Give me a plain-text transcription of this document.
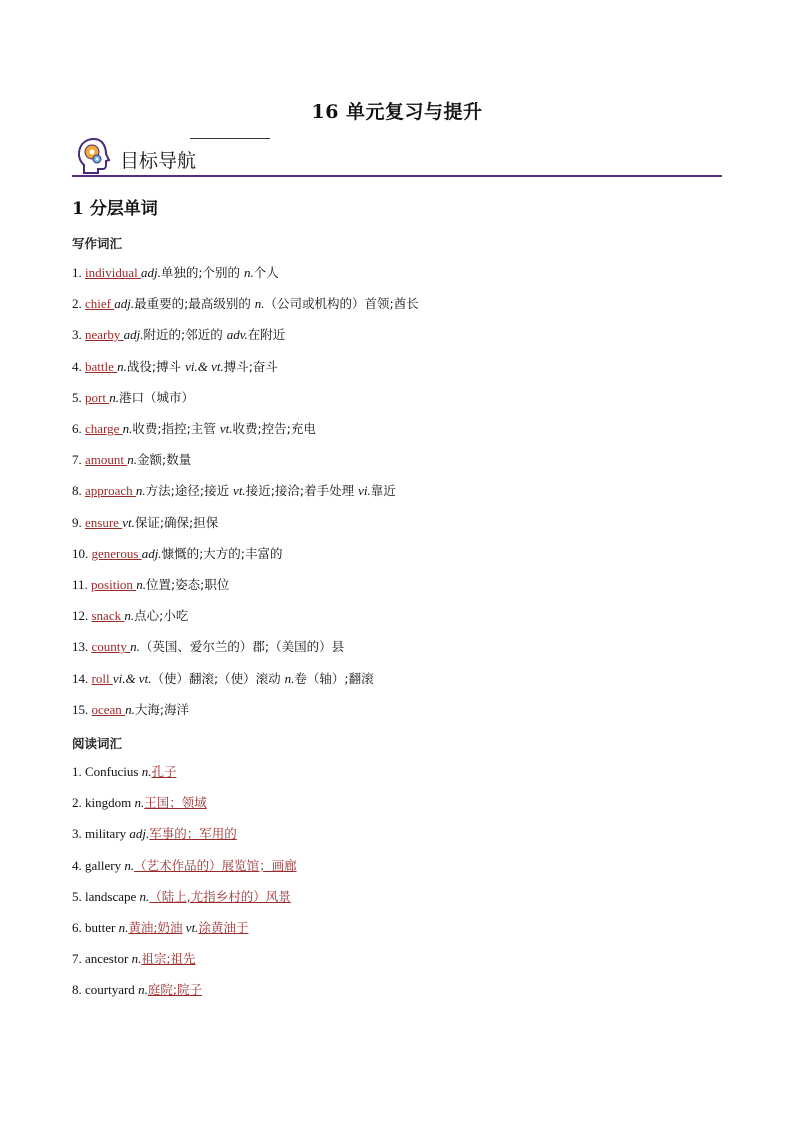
16 单元复习与提升
目标导航
1 分层单词
写作词汇
1. individual adj.单独的;个别的 n.个人
2. chief adj.最重要的;最高级别的 n.（公司或机构的）首领;酋长
3. nearby adj.附近的;邻近的 adv.在附近
4. battle n.战役;搏斗 vi.& vt.搏斗;奋斗
5. port n.港口（城市）
6. charge n.收费;指控;主管 vt.收费;控告;充电
7. amount n.金额;数量
8. approach n.方法;途径;接近 vt.接近;接洽;着手处理 vi.靠近
9. ensure vt.保证;确保;担保
10. generous adj.慷慨的;大方的;丰富的
11. position n.位置;姿态;职位
12. snack n.点心;小吃
13. county n.（英国、爱尔兰的）郡;（美国的）县
14. roll vi.& vt.（使）翻滚;（使）滚动 n.卷（轴）;翻滚
15. ocean n.大海;海洋
阅读词汇
1. Confucius n.孔子
2. kingdom n.王国；领域
3. military adj.军事的；军用的
4. gallery n.（艺术作品的）展览馆；画廊
5. landscape n.（陆上,尤指乡村的）风景
6. butter n.黄油;奶油 vt.涂黄油于
7. ancestor n.祖宗;祖先
8. courtyard n.庭院;院子
